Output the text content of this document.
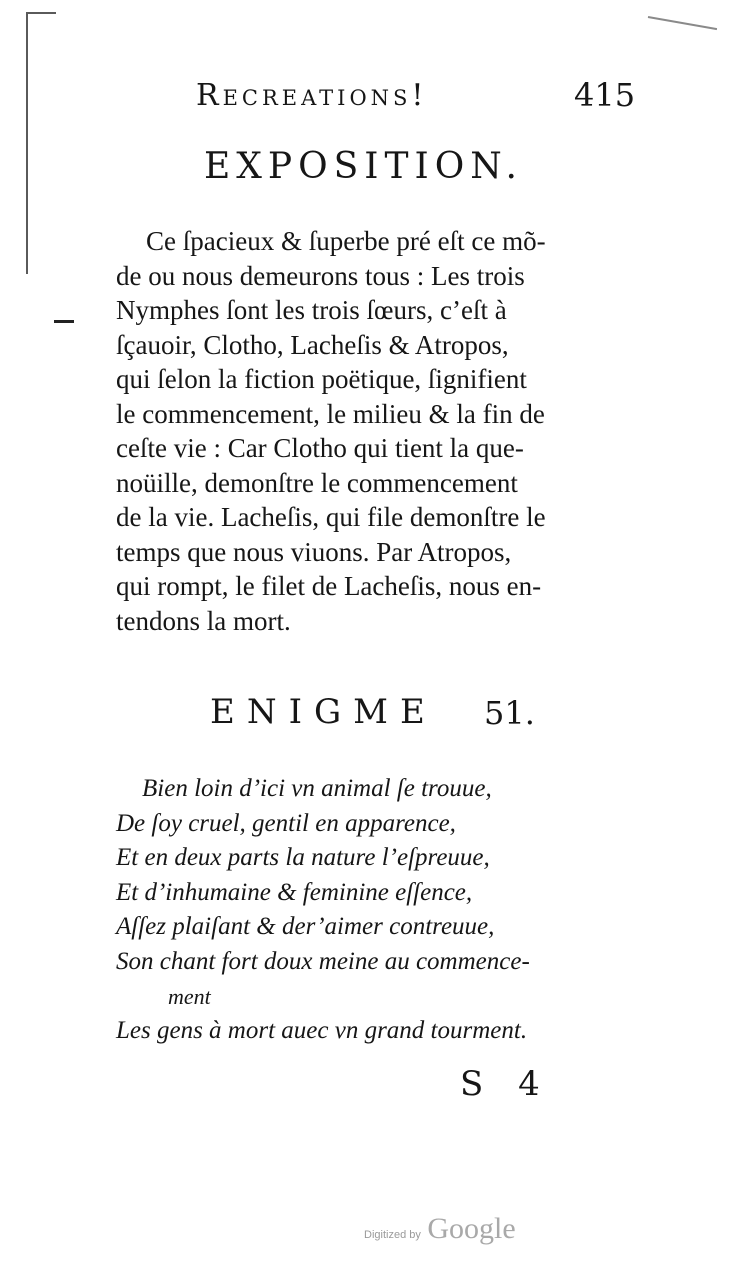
Recreations!	415
EXPOSITION.
Ce ſpacieux & ſuperbe pré eſt ce mõ-
de ou nous demeurons tous : Les trois
Nymphes ſont les trois ſœurs, c’eſt à
ſçauoir, Clotho, Lacheſis & Atropos,
qui ſelon la fiction poëtique, ſignifient
le commencement, le milieu & la fin de
ceſte vie : Car Clotho qui tient la que-
noüille, demonſtre le commencement
de la vie. Lacheſis, qui file demonſtre le
temps que nous viuons. Par Atropos,
qui rompt, le filet de Lacheſis, nous en-
tendons la mort.
ENIGME 51.
Bien loin d’ici vn animal ſe trouue,
De ſoy cruel, gentil en apparence,
Et en deux parts la nature l’eſpreuue,
Et d’inhumaine & feminine eſſence,
Aſſez plaiſant & der’aimer contreuue,
Son chant fort doux meine au commence-
ment
Les gens à mort auec vn grand tourment.
S 4
Digitized by Google
